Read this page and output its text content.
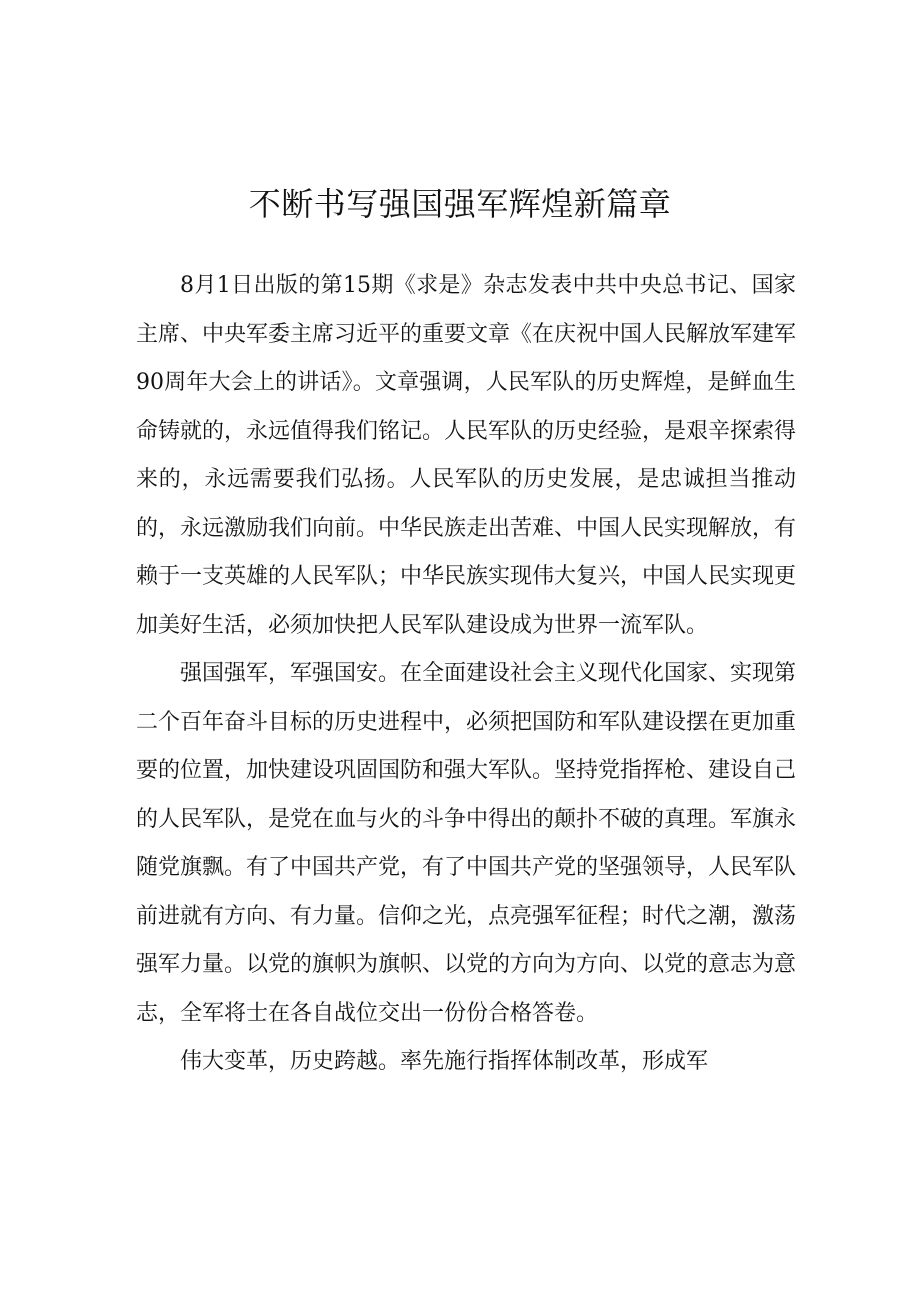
不断书写强国强军辉煌新篇章

8月1日出版的第15期《求是》杂志发表中共中央总书记、国家主席、中央军委主席习近平的重要文章《在庆祝中国人民解放军建军90周年大会上的讲话》。文章强调，人民军队的历史辉煌，是鲜血生命铸就的，永远值得我们铭记。人民军队的历史经验，是艰辛探索得来的，永远需要我们弘扬。人民军队的历史发展，是忠诚担当推动的，永远激励我们向前。中华民族走出苦难、中国人民实现解放，有赖于一支英雄的人民军队；中华民族实现伟大复兴，中国人民实现更加美好生活，必须加快把人民军队建设成为世界一流军队。

强国强军，军强国安。在全面建设社会主义现代化国家、实现第二个百年奋斗目标的历史进程中，必须把国防和军队建设摆在更加重要的位置，加快建设巩固国防和强大军队。坚持党指挥枪、建设自己的人民军队，是党在血与火的斗争中得出的颠扑不破的真理。军旗永随党旗飘。有了中国共产党，有了中国共产党的坚强领导，人民军队前进就有方向、有力量。信仰之光，点亮强军征程；时代之潮，激荡强军力量。以党的旗帜为旗帜、以党的方向为方向、以党的意志为意志，全军将士在各自战位交出一份份合格答卷。

伟大变革，历史跨越。率先施行指挥体制改革，形成军
